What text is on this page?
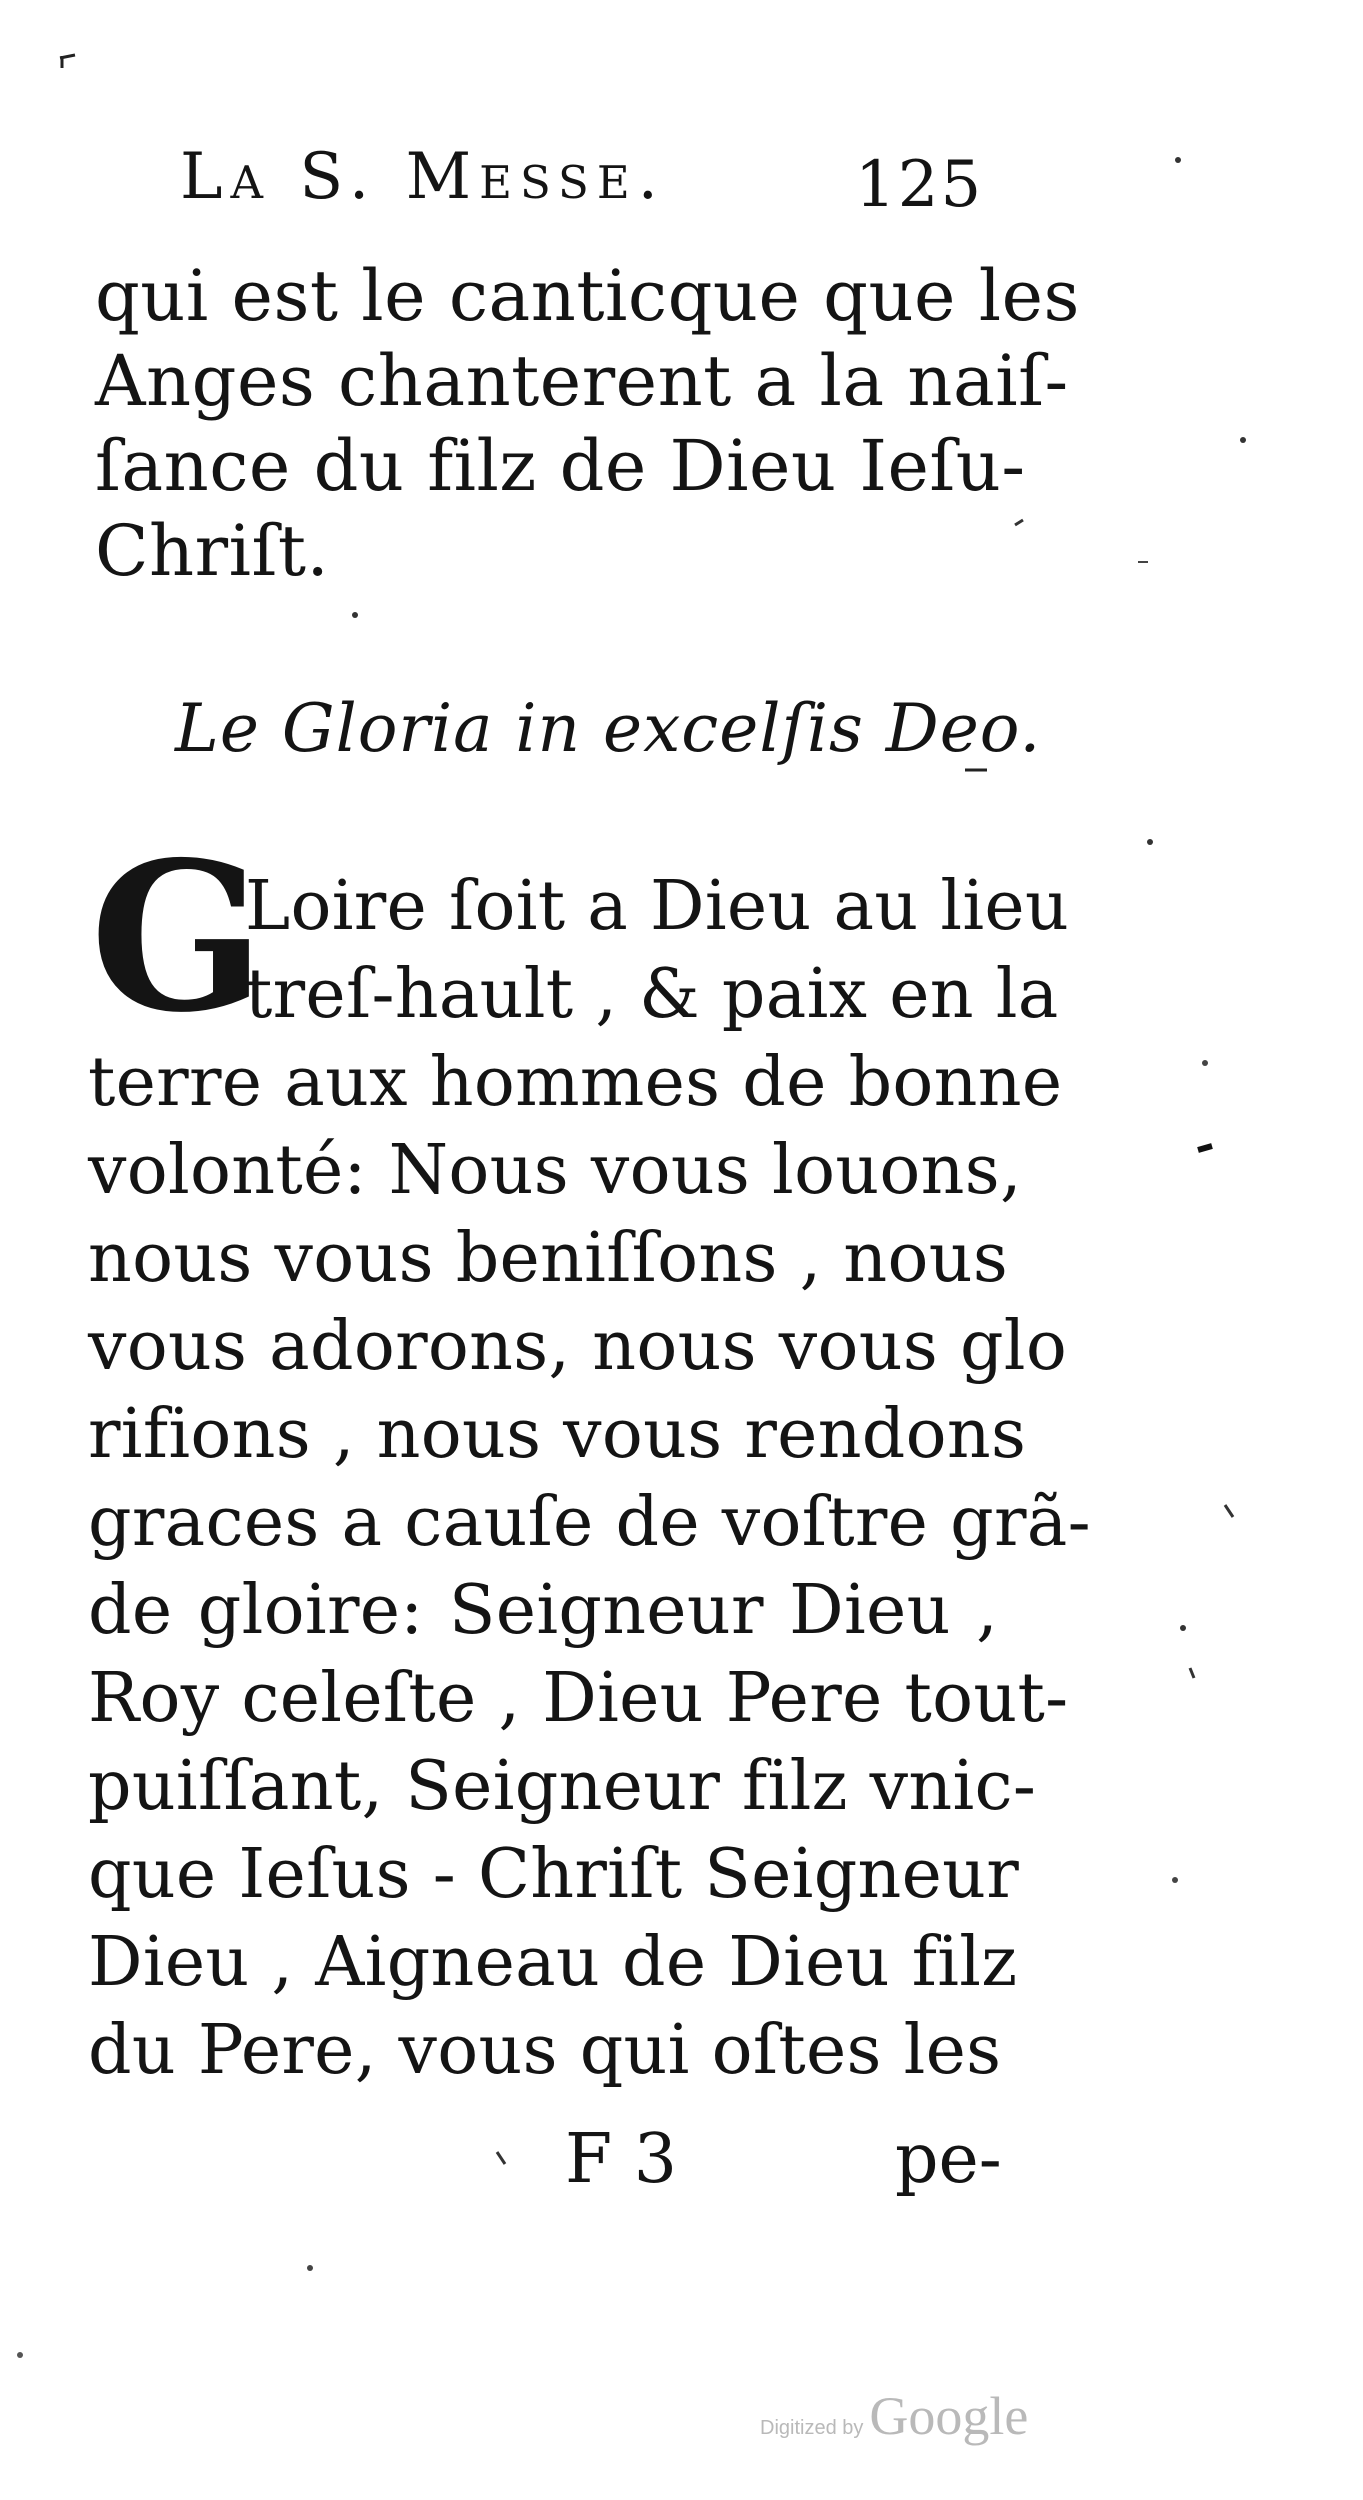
La S. Messe.	125
qui est le canticque que les
Anges chanterent a la naiſ-
ſance du filz de Dieu Ieſu-
Chriſt.
Le Gloria in excelſis Deo.
G
Loire ſoit a Dieu au lieu
treſ-hault , & paix en la
terre aux hommes de bonne
volonté: Nous vous louons,
nous vous beniſſons , nous
vous adorons, nous vous glo
rifions , nous vous rendons
graces a cauſe de voſtre grã-
de gloire: Seigneur Dieu ,
Roy celeſte , Dieu Pere tout-
puiſſant, Seigneur filz vnic-
que Ieſus - Chriſt Seigneur
Dieu , Aigneau de Dieu filz
du Pere, vous qui oſtes les
F 3	pe-
Digitized by Google
